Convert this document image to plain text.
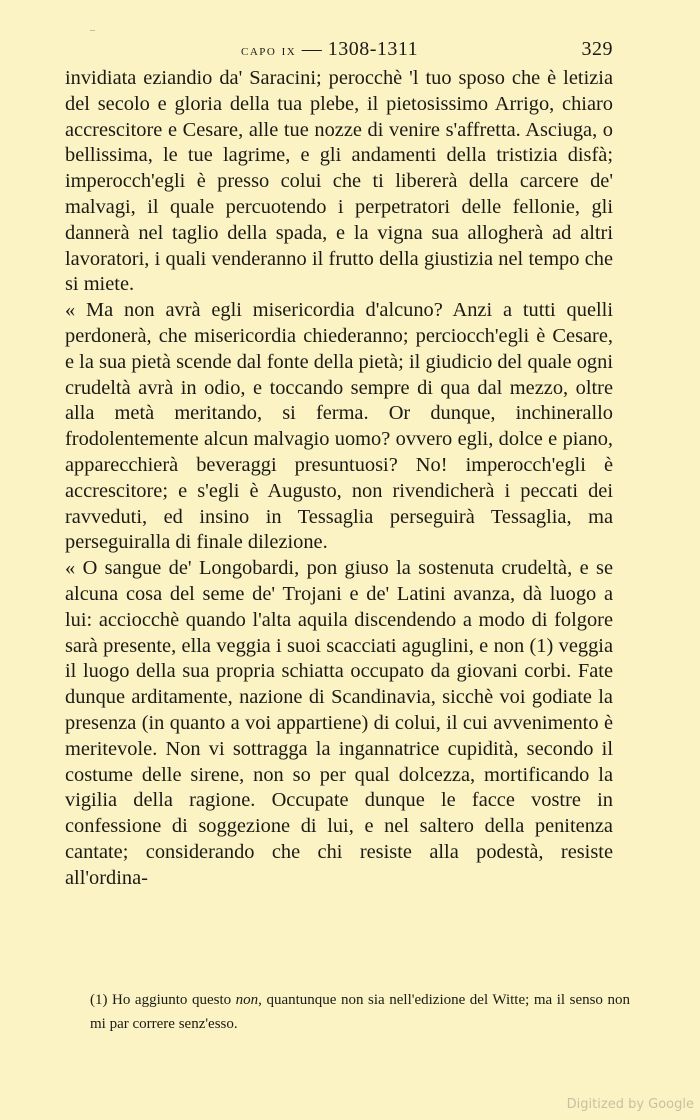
capo ix — 1308-1311	329

invidiata eziandio da' Saracini; perocchè 'l tuo sposo che è letizia del secolo e gloria della tua plebe, il pietosissimo Arrigo, chiaro accrescitore e Cesare, alle tue nozze di venire s'affretta. Asciuga, o bellissima, le tue lagrime, e gli andamenti della tristizia disfà; imperocch'egli è presso colui che ti libererà della carcere de' malvagi, il quale percuotendo i perpetratori delle fellonie, gli dannerà nel taglio della spada, e la vigna sua allogherà ad altri lavoratori, i quali venderanno il frutto della giustizia nel tempo che si miete.

« Ma non avrà egli misericordia d'alcuno? Anzi a tutti quelli perdonerà, che misericordia chiederanno; perciocch'egli è Cesare, e la sua pietà scende dal fonte della pietà; il giudicio del quale ogni crudeltà avrà in odio, e toccando sempre di qua dal mezzo, oltre alla metà meritando, si ferma. Or dunque, inchinerallo frodolentemente alcun malvagio uomo? ovvero egli, dolce e piano, apparecchierà beveraggi presuntuosi? No! imperocch'egli è accrescitore; e s'egli è Augusto, non rivendicherà i peccati dei ravveduti, ed insino in Tessaglia perseguirà Tessaglia, ma perseguiralla di finale dilezione.

« O sangue de' Longobardi, pon giuso la sostenuta crudeltà, e se alcuna cosa del seme de' Trojani e de' Latini avanza, dà luogo a lui: acciocchè quando l'alta aquila discendendo a modo di folgore sarà presente, ella veggia i suoi scacciati aguglini, e non (1) veggia il luogo della sua propria schiatta occupato da giovani corbi. Fate dunque arditamente, nazione di Scandinavia, sicchè voi godiate la presenza (in quanto a voi appartiene) di colui, il cui avvenimento è meritevole. Non vi sottragga la ingannatrice cupidità, secondo il costume delle sirene, non so per qual dolcezza, mortificando la vigilia della ragione. Occupate dunque le facce vostre in confessione di soggezione di lui, e nel saltero della penitenza cantate; considerando che chi resiste alla podestà, resiste all'ordina-

(1) Ho aggiunto questo non, quantunque non sia nell'edizione del Witte; ma il senso non mi par correre senz'esso.
Digitized by Google
